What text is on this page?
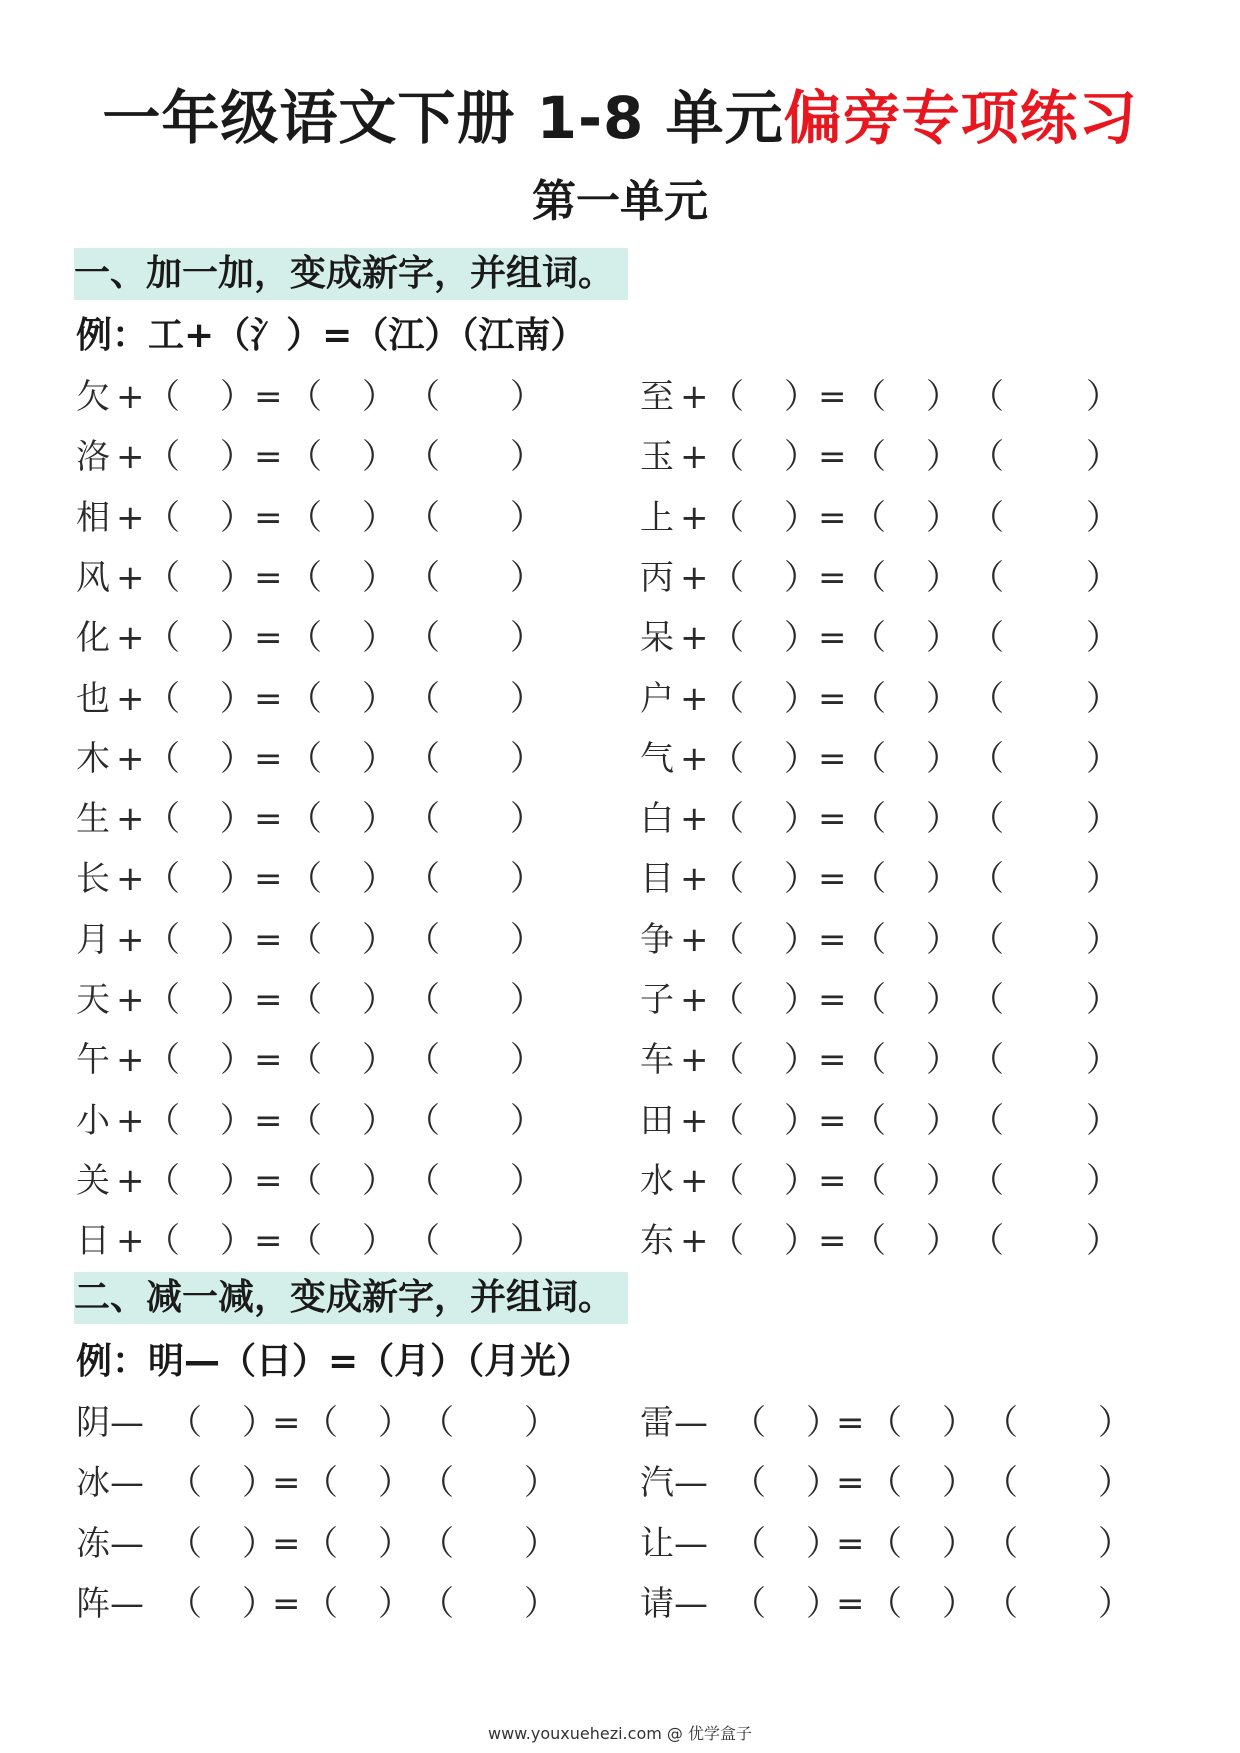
一年级语文下册 1-8 单元偏旁专项练习
第一单元
一、加一加，变成新字，并组词。
例：工+（氵）=（江）（江南）
欠 + （ ） = （ ） （ ）
洛 + （ ） = （ ） （ ）
相 + （ ） = （ ） （ ）
风 + （ ） = （ ） （ ）
化 + （ ） = （ ） （ ）
也 + （ ） = （ ） （ ）
木 + （ ） = （ ） （ ）
生 + （ ） = （ ） （ ）
长 + （ ） = （ ） （ ）
月 + （ ） = （ ） （ ）
天 + （ ） = （ ） （ ）
午 + （ ） = （ ） （ ）
小 + （ ） = （ ） （ ）
关 + （ ） = （ ） （ ）
日 + （ ） = （ ） （ ）
至 + （ ） = （ ） （ ）
玉 + （ ） = （ ） （ ）
上 + （ ） = （ ） （ ）
丙 + （ ） = （ ） （ ）
呆 + （ ） = （ ） （ ）
户 + （ ） = （ ） （ ）
气 + （ ） = （ ） （ ）
白 + （ ） = （ ） （ ）
目 + （ ） = （ ） （ ）
争 + （ ） = （ ） （ ）
子 + （ ） = （ ） （ ）
车 + （ ） = （ ） （ ）
田 + （ ） = （ ） （ ）
水 + （ ） = （ ） （ ）
东 + （ ） = （ ） （ ）
二、减一减，变成新字，并组词。
例：明—（日）=（月）（月光）
阴 — （ ）
= （ ） （ ）
冰 — （ ）
= （ ） （ ）
冻 — （ ）
= （ ） （ ）
阵 — （ ）
= （ ） （ ）
雷 — （ ）
= （ ） （ ）
汽 — （ ）
= （ ） （ ）
让 — （ ）
= （ ） （ ）
请 — （ ）
= （ ） （ ）
www.youxuehezi.com @ 优学盒子
